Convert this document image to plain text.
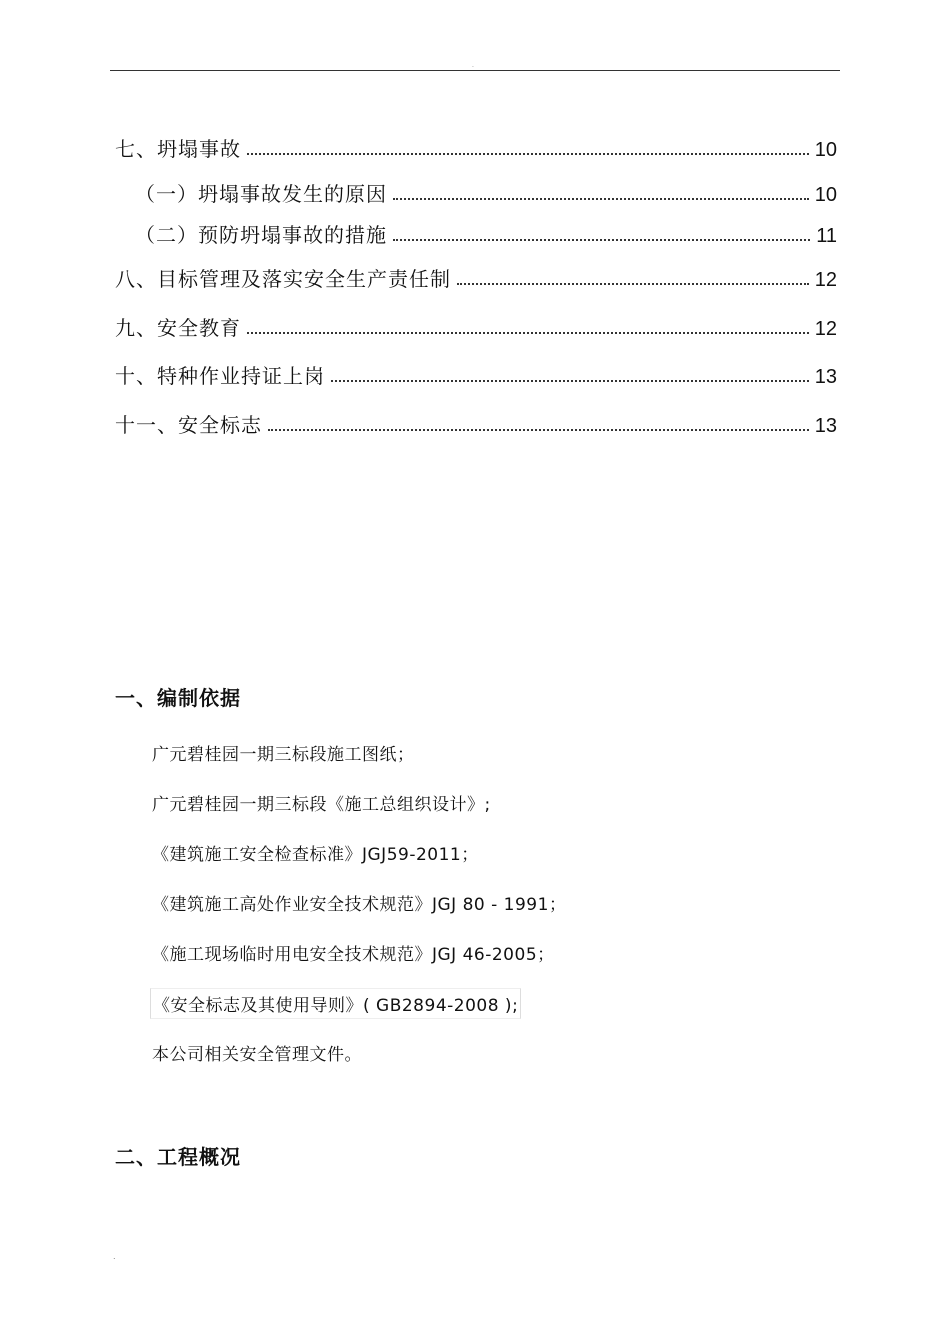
.
七、坍塌事故	10
（一）坍塌事故发生的原因	10
（二）预防坍塌事故的措施	11
八、目标管理及落实安全生产责任制	12
九、安全教育	12
十、特种作业持证上岗	13
十一、安全标志	13
一、编制依据
广元碧桂园一期三标段施工图纸；
广元碧桂园一期三标段《施工总组织设计》;
《建筑施工安全检查标准》JGJ59-2011；
《建筑施工高处作业安全技术规范》JGJ 80 - 1991；
《施工现场临时用电安全技术规范》JGJ 46-2005；
《安全标志及其使用导则》( GB2894-2008 );
本公司相关安全管理文件。
二、工程概况
.
